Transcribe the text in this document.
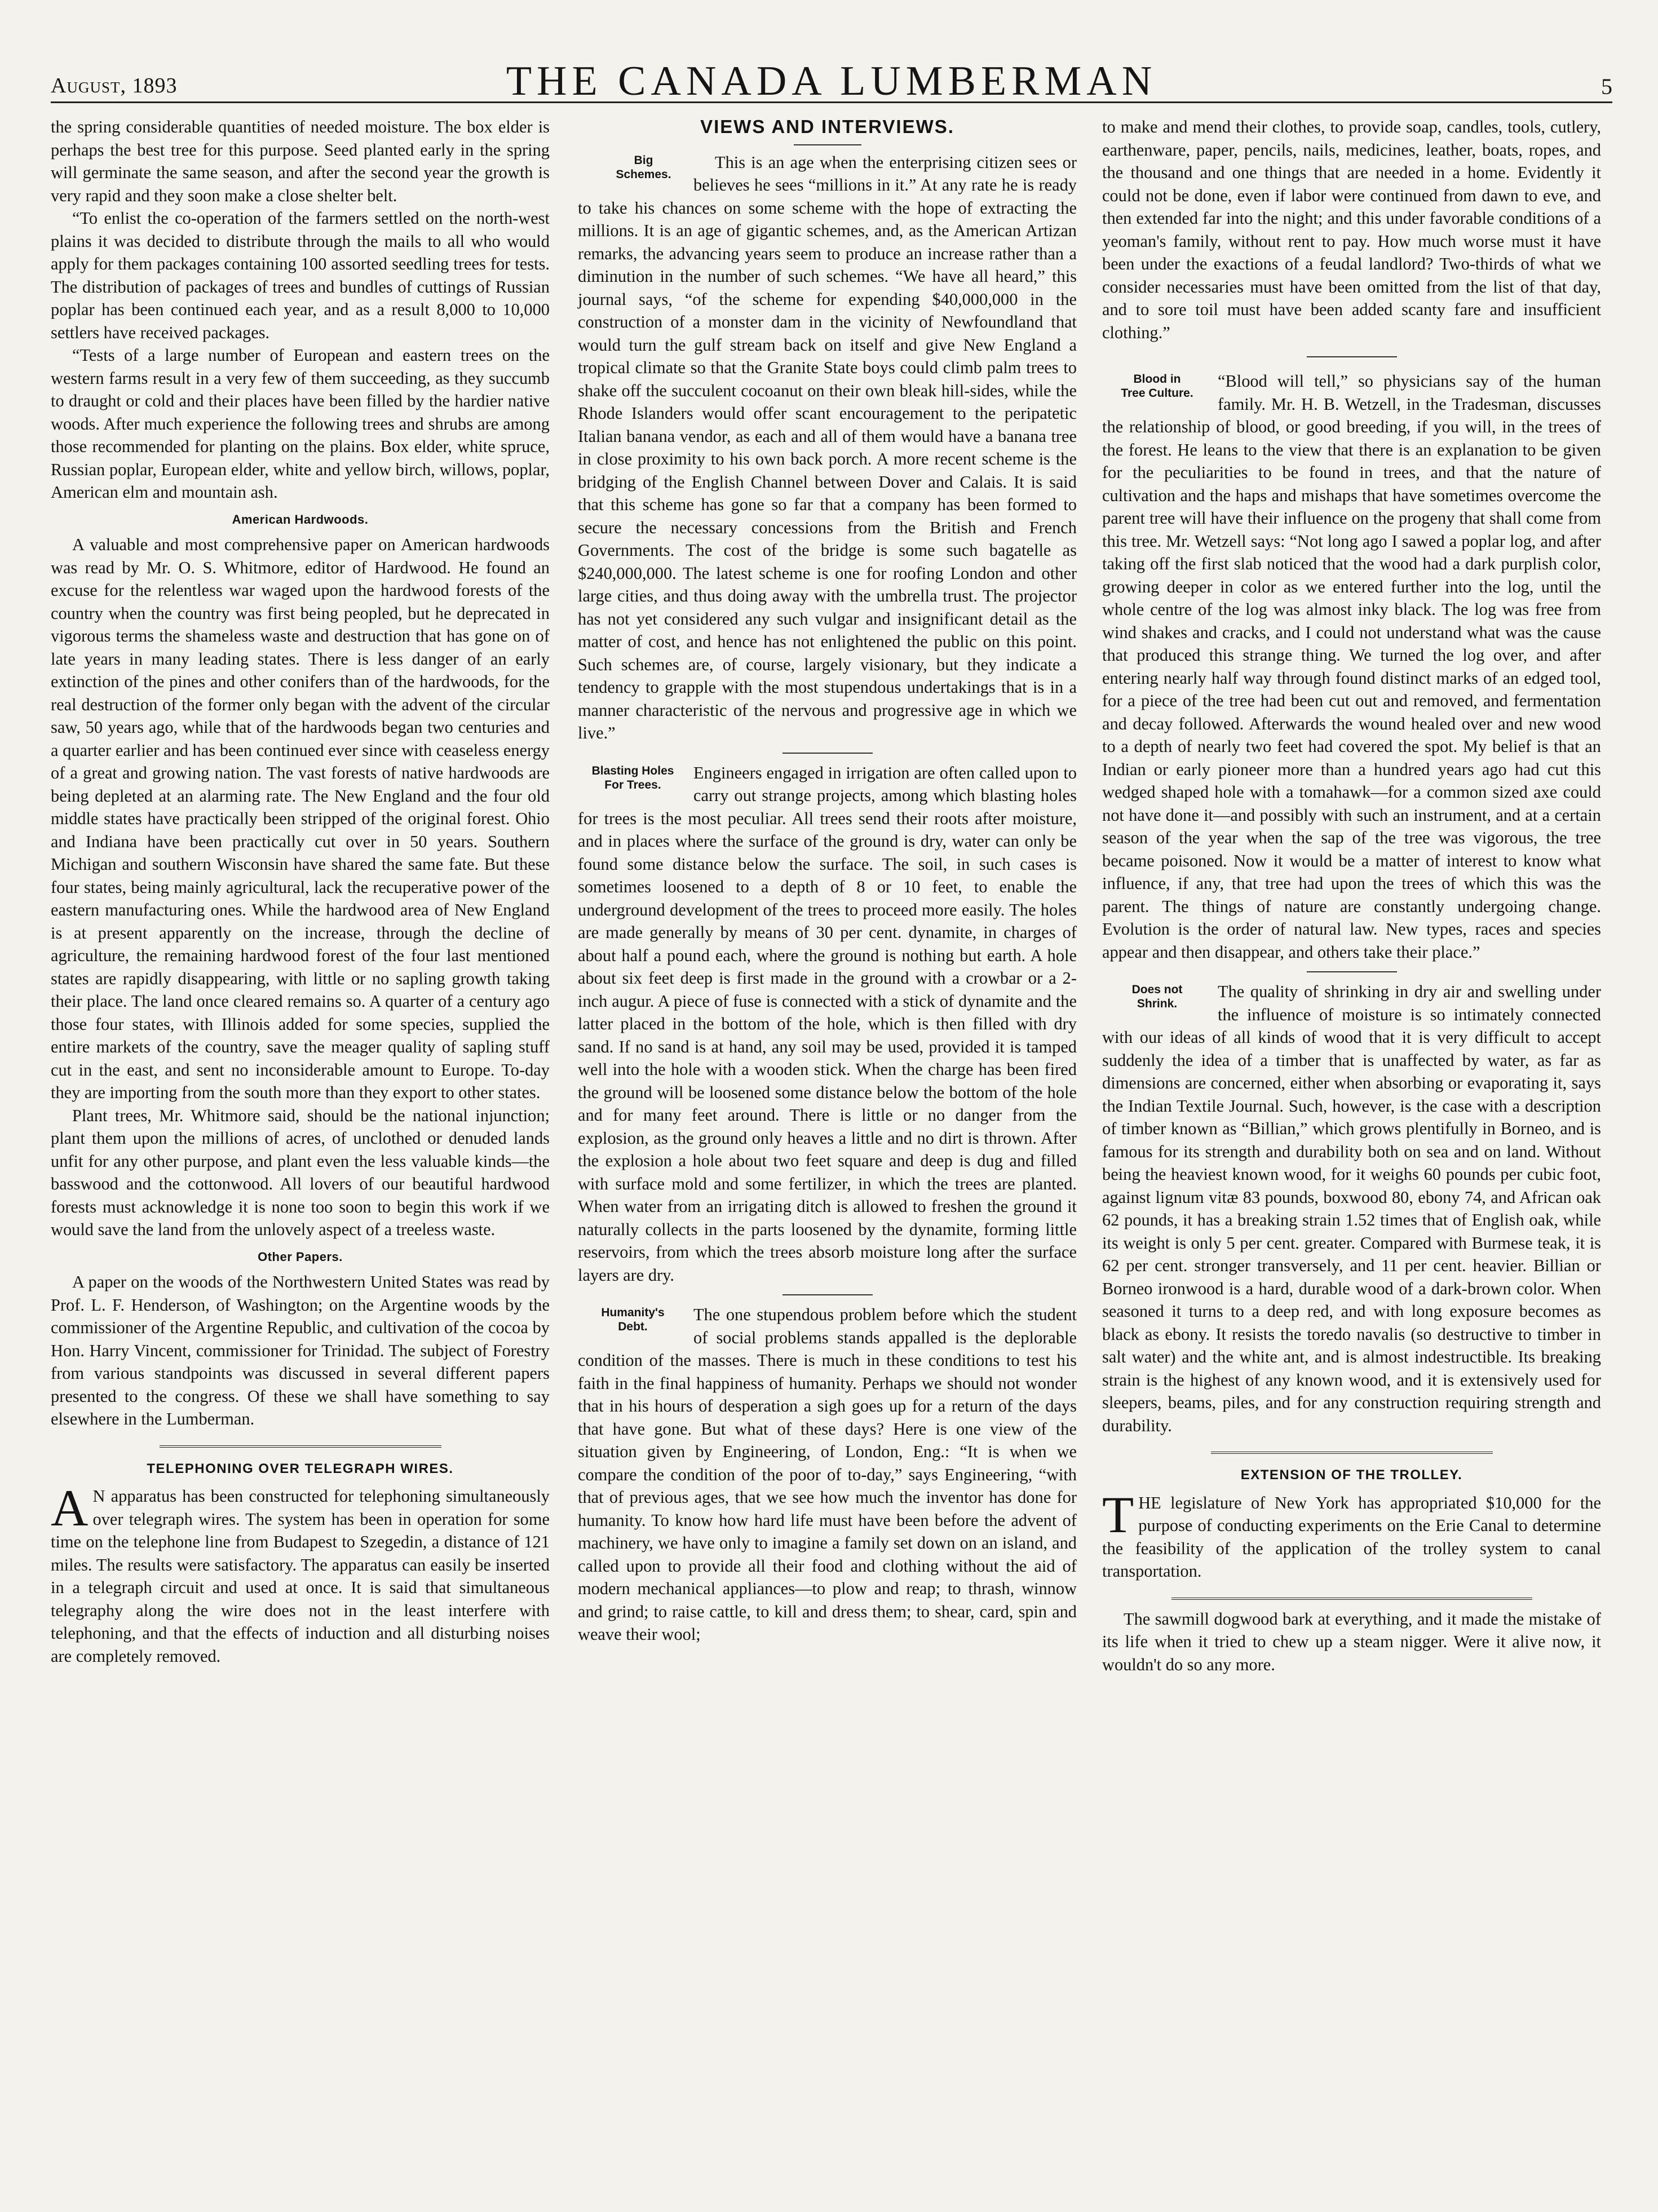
August, 1893	THE CANADA LUMBERMAN	5

the spring considerable quantities of needed moisture. The box elder is perhaps the best tree for this purpose. Seed planted early in the spring will germinate the same season, and after the second year the growth is very rapid and they soon make a close shelter belt.

“To enlist the co-operation of the farmers settled on the north-west plains it was decided to distribute through the mails to all who would apply for them packages containing 100 assorted seedling trees for tests. The distribution of packages of trees and bundles of cuttings of Russian poplar has been continued each year, and as a result 8,000 to 10,000 settlers have received packages.

“Tests of a large number of European and eastern trees on the western farms result in a very few of them succeeding, as they succumb to draught or cold and their places have been filled by the hardier native woods. After much experience the following trees and shrubs are among those recommended for planting on the plains. Box elder, white spruce, Russian poplar, European elder, white and yellow birch, willows, poplar, American elm and mountain ash.

American Hardwoods.

A valuable and most comprehensive paper on American hardwoods was read by Mr. O. S. Whitmore, editor of Hardwood. He found an excuse for the relentless war waged upon the hardwood forests of the country when the country was first being peopled, but he deprecated in vigorous terms the shameless waste and destruction that has gone on of late years in many leading states. There is less danger of an early extinction of the pines and other conifers than of the hardwoods, for the real destruction of the former only began with the advent of the circular saw, 50 years ago, while that of the hardwoods began two centuries and a quarter earlier and has been continued ever since with ceaseless energy of a great and growing nation. The vast forests of native hardwoods are being depleted at an alarming rate. The New England and the four old middle states have practically been stripped of the original forest. Ohio and Indiana have been practically cut over in 50 years. Southern Michigan and southern Wisconsin have shared the same fate. But these four states, being mainly agricultural, lack the recuperative power of the eastern manufacturing ones. While the hardwood area of New England is at present apparently on the increase, through the decline of agriculture, the remaining hardwood forest of the four last mentioned states are rapidly disappearing, with little or no sapling growth taking their place. The land once cleared remains so. A quarter of a century ago those four states, with Illinois added for some species, supplied the entire markets of the country, save the meager quality of sapling stuff cut in the east, and sent no inconsiderable amount to Europe. To-day they are importing from the south more than they export to other states.

Plant trees, Mr. Whitmore said, should be the national injunction; plant them upon the millions of acres, of unclothed or denuded lands unfit for any other purpose, and plant even the less valuable kinds—the basswood and the cottonwood. All lovers of our beautiful hardwood forests must acknowledge it is none too soon to begin this work if we would save the land from the unlovely aspect of a treeless waste.

Other Papers.

A paper on the woods of the Northwestern United States was read by Prof. L. F. Henderson, of Washington; on the Argentine woods by the commissioner of the Argentine Republic, and cultivation of the cocoa by Hon. Harry Vincent, commissioner for Trinidad. The subject of Forestry from various standpoints was discussed in several different papers presented to the congress. Of these we shall have something to say elsewhere in the Lumberman.

TELEPHONING OVER TELEGRAPH WIRES.

A N apparatus has been constructed for telephoning simultaneously over telegraph wires. The system has been in operation for some time on the telephone line from Budapest to Szegedin, a distance of 121 miles. The results were satisfactory. The apparatus can easily be inserted in a telegraph circuit and used at once. It is said that simultaneous telegraphy along the wire does not in the least interfere with telephoning, and that the effects of induction and all disturbing noises are completely removed.

VIEWS AND INTERVIEWS.

Big
Schemes.
This is an age when the enterprising citizen sees or believes he sees “millions in it.” At any rate he is ready to take his chances on some scheme with the hope of extracting the millions. It is an age of gigantic schemes, and, as the American Artizan remarks, the advancing years seem to produce an increase rather than a diminution in the number of such schemes. “We have all heard,” this journal says, “of the scheme for expending $40,000,000 in the construction of a monster dam in the vicinity of Newfoundland that would turn the gulf stream back on itself and give New England a tropical climate so that the Granite State boys could climb palm trees to shake off the succulent cocoanut on their own bleak hill-sides, while the Rhode Islanders would offer scant encouragement to the peripatetic Italian banana vendor, as each and all of them would have a banana tree in close proximity to his own back porch. A more recent scheme is the bridging of the English Channel between Dover and Calais. It is said that this scheme has gone so far that a company has been formed to secure the necessary concessions from the British and French Governments. The cost of the bridge is some such bagatelle as $240,000,000. The latest scheme is one for roofing London and other large cities, and thus doing away with the umbrella trust. The projector has not yet considered any such vulgar and insignificant detail as the matter of cost, and hence has not enlightened the public on this point. Such schemes are, of course, largely visionary, but they indicate a tendency to grapple with the most stupendous undertakings that is in a manner characteristic of the nervous and progressive age in which we live.”

Blasting Holes
For Trees.
Engineers engaged in irrigation are often called upon to carry out strange projects, among which blasting holes for trees is the most peculiar. All trees send their roots after moisture, and in places where the surface of the ground is dry, water can only be found some distance below the surface. The soil, in such cases is sometimes loosened to a depth of 8 or 10 feet, to enable the underground development of the trees to proceed more easily. The holes are made generally by means of 30 per cent. dynamite, in charges of about half a pound each, where the ground is nothing but earth. A hole about six feet deep is first made in the ground with a crowbar or a 2-inch augur. A piece of fuse is connected with a stick of dynamite and the latter placed in the bottom of the hole, which is then filled with dry sand. If no sand is at hand, any soil may be used, provided it is tamped well into the hole with a wooden stick. When the charge has been fired the ground will be loosened some distance below the bottom of the hole and for many feet around. There is little or no danger from the explosion, as the ground only heaves a little and no dirt is thrown. After the explosion a hole about two feet square and deep is dug and filled with surface mold and some fertilizer, in which the trees are planted. When water from an irrigating ditch is allowed to freshen the ground it naturally collects in the parts loosened by the dynamite, forming little reservoirs, from which the trees absorb moisture long after the surface layers are dry.

Humanity's
Debt.
The one stupendous problem before which the student of social problems stands appalled is the deplorable condition of the masses. There is much in these conditions to test his faith in the final happiness of humanity. Perhaps we should not wonder that in his hours of desperation a sigh goes up for a return of the days that have gone. But what of these days? Here is one view of the situation given by Engineering, of London, Eng.: “It is when we compare the condition of the poor of to-day,” says Engineering, “with that of previous ages, that we see how much the inventor has done for humanity. To know how hard life must have been before the advent of machinery, we have only to imagine a family set down on an island, and called upon to provide all their food and clothing without the aid of modern mechanical appliances—to plow and reap; to thrash, winnow and grind; to raise cattle, to kill and dress them; to shear, card, spin and weave their wool;

to make and mend their clothes, to provide soap, candles, tools, cutlery, earthenware, paper, pencils, nails, medicines, leather, boats, ropes, and the thousand and one things that are needed in a home. Evidently it could not be done, even if labor were continued from dawn to eve, and then extended far into the night; and this under favorable conditions of a yeoman's family, without rent to pay. How much worse must it have been under the exactions of a feudal landlord? Two-thirds of what we consider necessaries must have been omitted from the list of that day, and to sore toil must have been added scanty fare and insufficient clothing.”

Blood in
Tree Culture.
“Blood will tell,” so physicians say of the human family. Mr. H. B. Wetzell, in the Tradesman, discusses the relationship of blood, or good breeding, if you will, in the trees of the forest. He leans to the view that there is an explanation to be given for the peculiarities to be found in trees, and that the nature of cultivation and the haps and mishaps that have sometimes overcome the parent tree will have their influence on the progeny that shall come from this tree. Mr. Wetzell says: “Not long ago I sawed a poplar log, and after taking off the first slab noticed that the wood had a dark purplish color, growing deeper in color as we entered further into the log, until the whole centre of the log was almost inky black. The log was free from wind shakes and cracks, and I could not understand what was the cause that produced this strange thing. We turned the log over, and after entering nearly half way through found distinct marks of an edged tool, for a piece of the tree had been cut out and removed, and fermentation and decay followed. Afterwards the wound healed over and new wood to a depth of nearly two feet had covered the spot. My belief is that an Indian or early pioneer more than a hundred years ago had cut this wedged shaped hole with a tomahawk—for a common sized axe could not have done it—and possibly with such an instrument, and at a certain season of the year when the sap of the tree was vigorous, the tree became poisoned. Now it would be a matter of interest to know what influence, if any, that tree had upon the trees of which this was the parent. The things of nature are constantly undergoing change. Evolution is the order of natural law. New types, races and species appear and then disappear, and others take their place.”

Does not
Shrink.
The quality of shrinking in dry air and swelling under the influence of moisture is so intimately connected with our ideas of all kinds of wood that it is very difficult to accept suddenly the idea of a timber that is unaffected by water, as far as dimensions are concerned, either when absorbing or evaporating it, says the Indian Textile Journal. Such, however, is the case with a description of timber known as “Billian,” which grows plentifully in Borneo, and is famous for its strength and durability both on sea and on land. Without being the heaviest known wood, for it weighs 60 pounds per cubic foot, against lignum vitæ 83 pounds, boxwood 80, ebony 74, and African oak 62 pounds, it has a breaking strain 1.52 times that of English oak, while its weight is only 5 per cent. greater. Compared with Burmese teak, it is 62 per cent. stronger transversely, and 11 per cent. heavier. Billian or Borneo ironwood is a hard, durable wood of a dark-brown color. When seasoned it turns to a deep red, and with long exposure becomes as black as ebony. It resists the toredo navalis (so destructive to timber in salt water) and the white ant, and is almost indestructible. Its breaking strain is the highest of any known wood, and it is extensively used for sleepers, beams, piles, and for any construction requiring strength and durability.

EXTENSION OF THE TROLLEY.

T HE legislature of New York has appropriated $10,000 for the purpose of conducting experiments on the Erie Canal to determine the feasibility of the application of the trolley system to canal transportation.

The sawmill dogwood bark at everything, and it made the mistake of its life when it tried to chew up a steam nigger. Were it alive now, it wouldn't do so any more.
